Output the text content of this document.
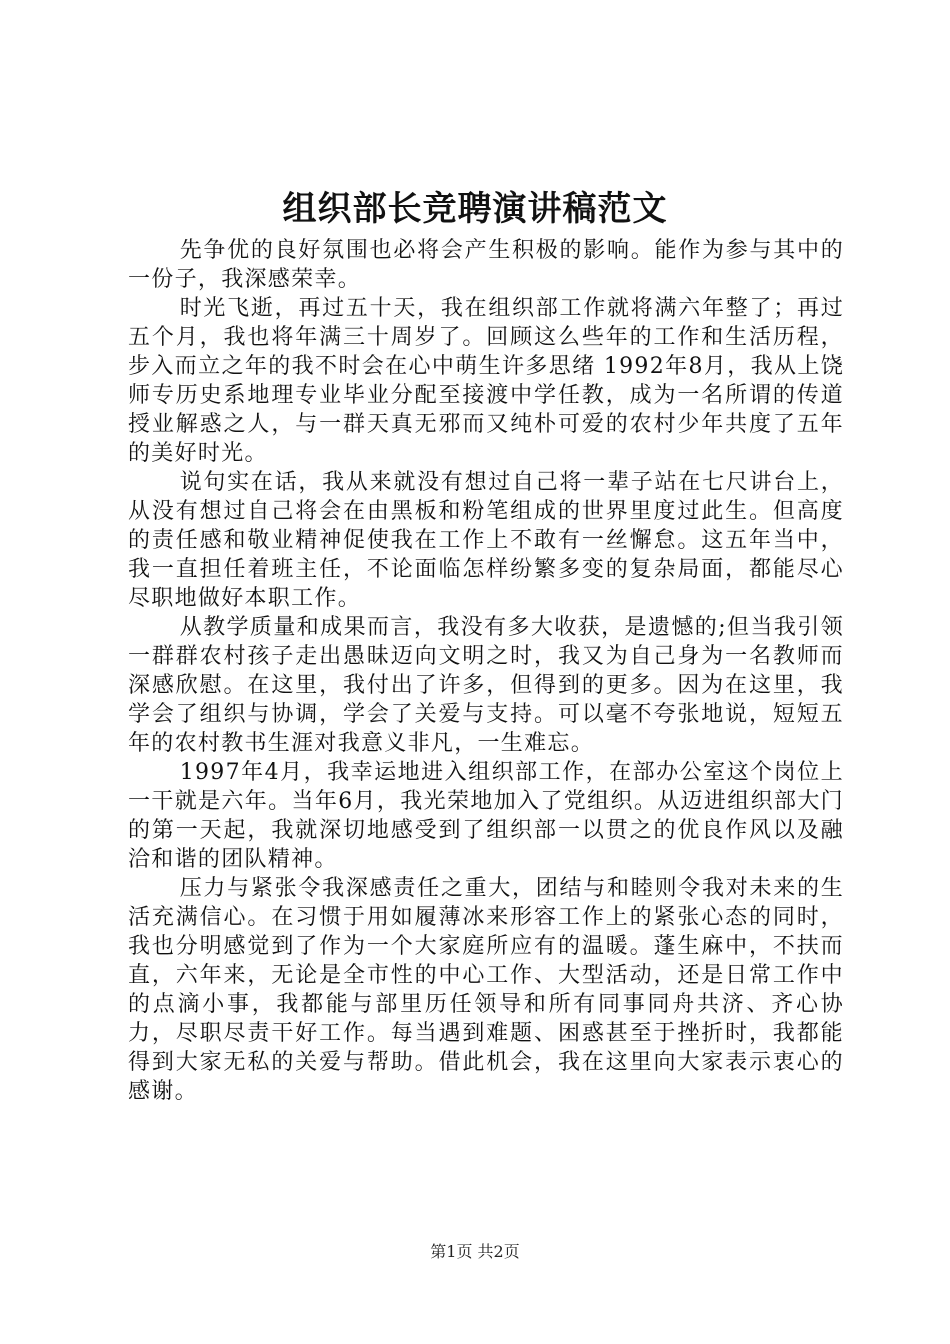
组织部长竞聘演讲稿范文

先争优的良好氛围也必将会产生积极的影响。能作为参与其中的一份子，我深感荣幸。

时光飞逝，再过五十天，我在组织部工作就将满六年整了；再过五个月，我也将年满三十周岁了。回顾这么些年的工作和生活历程，步入而立之年的我不时会在心中萌生许多思绪 1992年8月，我从上饶师专历史系地理专业毕业分配至接渡中学任教，成为一名所谓的传道授业解惑之人，与一群天真无邪而又纯朴可爱的农村少年共度了五年的美好时光。

说句实在话，我从来就没有想过自己将一辈子站在七尺讲台上，从没有想过自己将会在由黑板和粉笔组成的世界里度过此生。但高度的责任感和敬业精神促使我在工作上不敢有一丝懈怠。这五年当中，我一直担任着班主任，不论面临怎样纷繁多变的复杂局面，都能尽心尽职地做好本职工作。

从教学质量和成果而言，我没有多大收获，是遗憾的;但当我引领一群群农村孩子走出愚昧迈向文明之时，我又为自己身为一名教师而深感欣慰。在这里，我付出了许多，但得到的更多。因为在这里，我学会了组织与协调，学会了关爱与支持。可以毫不夸张地说，短短五年的农村教书生涯对我意义非凡，一生难忘。

1997年4月，我幸运地进入组织部工作，在部办公室这个岗位上一干就是六年。当年6月，我光荣地加入了党组织。从迈进组织部大门的第一天起，我就深切地感受到了组织部一以贯之的优良作风以及融洽和谐的团队精神。

压力与紧张令我深感责任之重大，团结与和睦则令我对未来的生活充满信心。在习惯于用如履薄冰来形容工作上的紧张心态的同时，我也分明感觉到了作为一个大家庭所应有的温暖。蓬生麻中，不扶而直，六年来，无论是全市性的中心工作、大型活动，还是日常工作中的点滴小事，我都能与部里历任领导和所有同事同舟共济、齐心协力，尽职尽责干好工作。每当遇到难题、困惑甚至于挫折时，我都能得到大家无私的关爱与帮助。借此机会，我在这里向大家表示衷心的感谢。

第1页 共2页
